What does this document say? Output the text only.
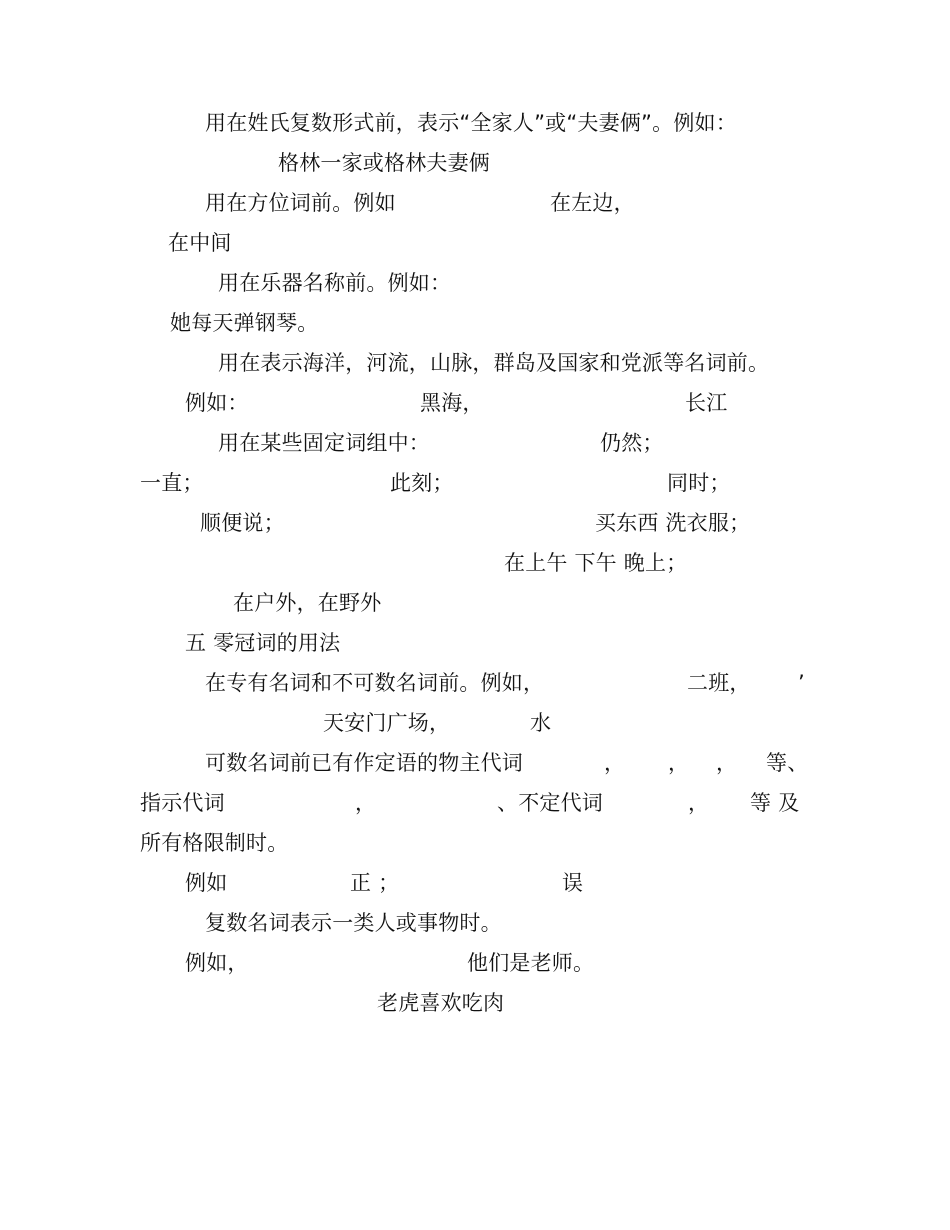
用在姓氏复数形式前，表示“全家人”或“夫妻俩”。例如：
格林一家或格林夫妻俩
用在方位词前。例如	在左边，
在中间
用在乐器名称前。例如：
她每天弹钢琴。
用在表示海洋，河流，山脉，群岛及国家和党派等名词前。
例如：	黑海，	长江
用在某些固定词组中：	仍然；
一直；	此刻；	同时；
顺便说；	买东西 洗衣服；
在上午 下午 晚上；
在户外，在野外
五 零冠词的用法
在专有名词和不可数名词前。例如，	二班， ’
天安门广场，	水
可数名词前已有作定语的物主代词	， ， ， 等、
指示代词	，	、不定代词	， 等 及
所有格限制时。
例如	正 ；	误
复数名词表示一类人或事物时。
例如，	他们是老师。
老虎喜欢吃肉
